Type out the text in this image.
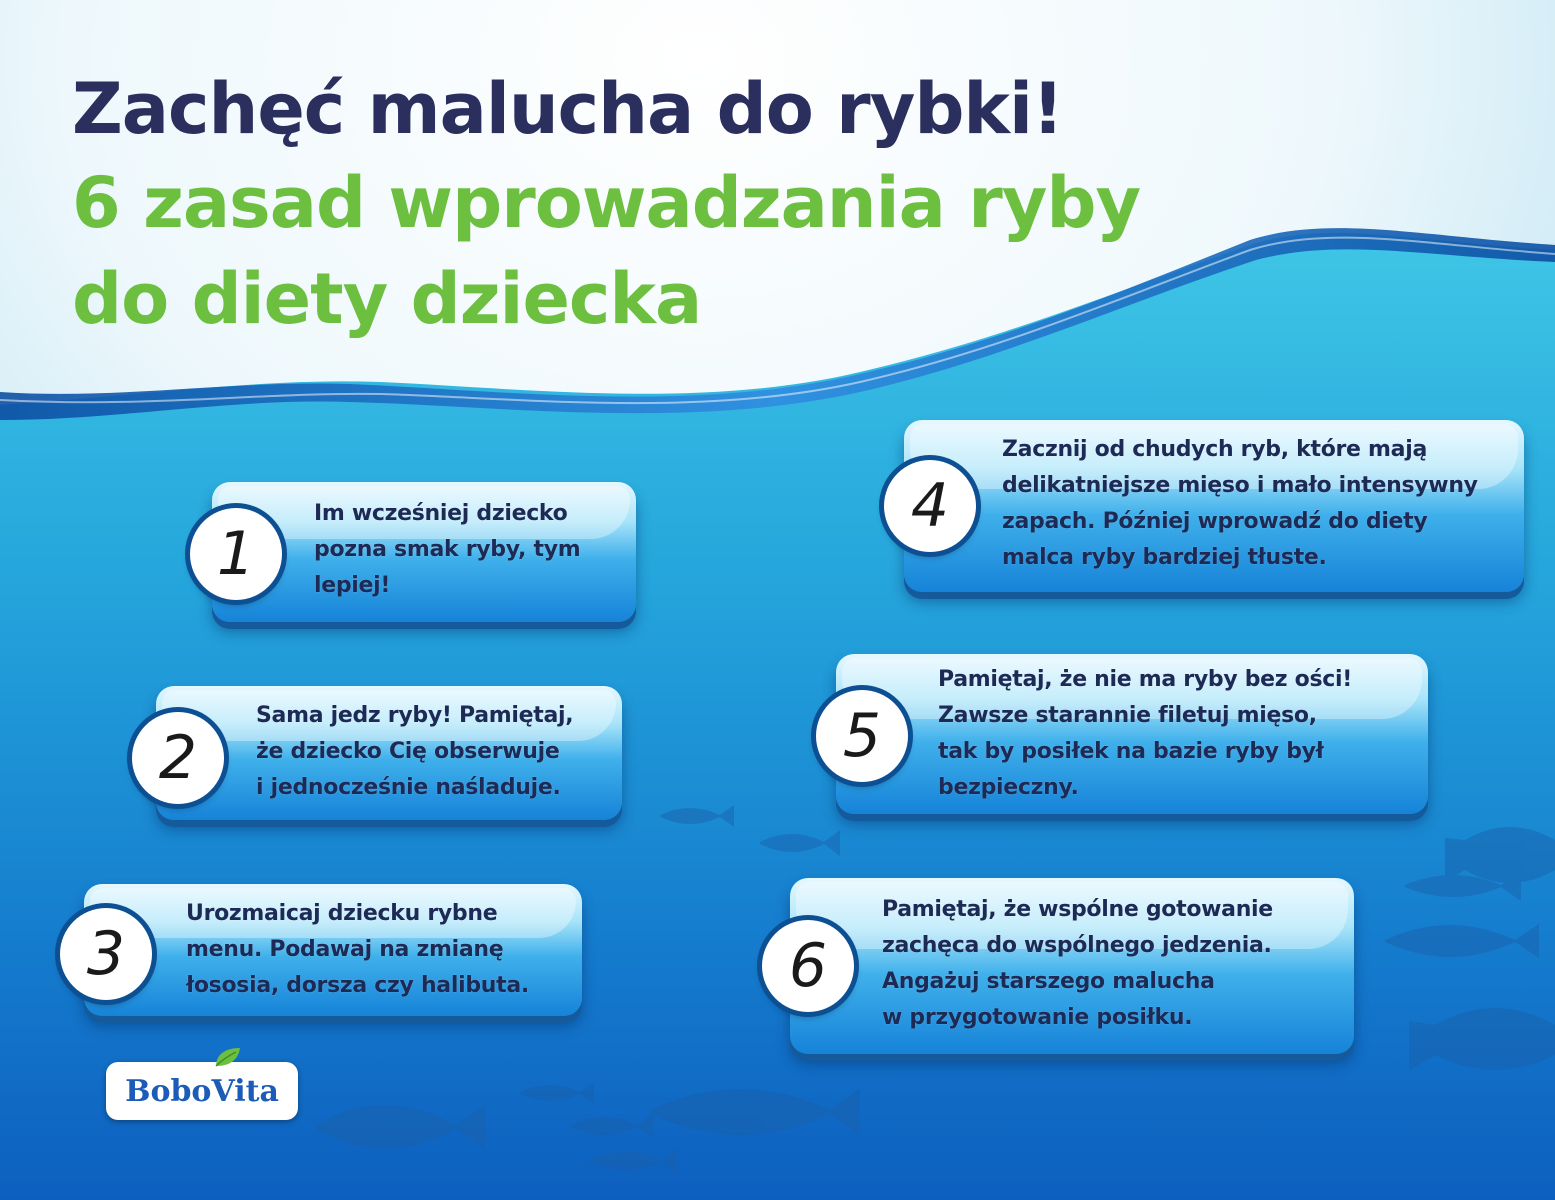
Zachęć malucha do rybki!
6 zasad wprowadzania ryby
do diety dziecka
1
Im wcześniej dziecko
pozna smak ryby, tym
lepiej!
2
Sama jedz ryby! Pamiętaj,
że dziecko Cię obserwuje
i jednocześnie naśladuje.
3
Urozmaicaj dziecku rybne
menu. Podawaj na zmianę
łososia, dorsza czy halibuta.
4
Zacznij od chudych ryb, które mają
delikatniejsze mięso i mało intensywny
zapach. Później wprowadź do diety
malca ryby bardziej tłuste.
5
Pamiętaj, że nie ma ryby bez ości!
Zawsze starannie filetuj mięso,
tak by posiłek na bazie ryby był
bezpieczny.
6
Pamiętaj, że wspólne gotowanie
zachęca do wspólnego jedzenia.
Angażuj starszego malucha
w przygotowanie posiłku.
BoboVita
